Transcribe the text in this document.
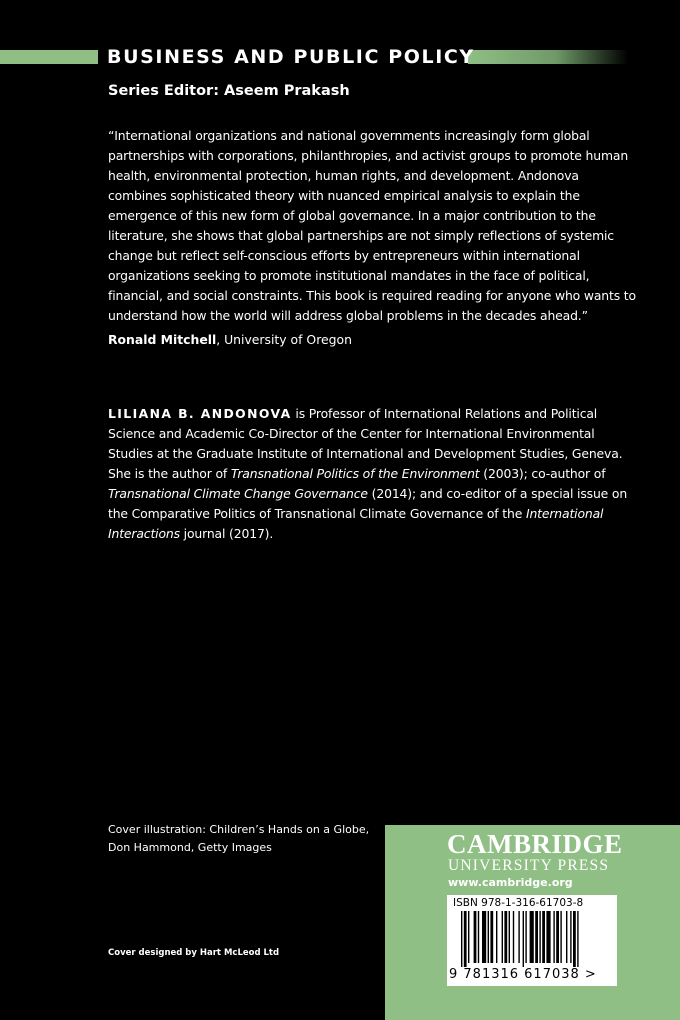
BUSINESS AND PUBLIC POLICY
Series Editor: Aseem Prakash

“International organizations and national governments increasingly form global partnerships with corporations, philanthropies, and activist groups to promote human health, environmental protection, human rights, and development. Andonova combines sophisticated theory with nuanced empirical analysis to explain the emergence of this new form of global governance. In a major contribution to the literature, she shows that global partnerships are not simply reflections of systemic change but reflect self-conscious efforts by entrepreneurs within international organizations seeking to promote institutional mandates in the face of political, financial, and social constraints. This book is required reading for anyone who wants to understand how the world will address global problems in the decades ahead.”

Ronald Mitchell, University of Oregon
LILIANA B. ANDONOVA is Professor of International Relations and Political Science and Academic Co-Director of the Center for International Environmental Studies at the Graduate Institute of International and Development Studies, Geneva. She is the author of Transnational Politics of the Environment (2003); co-author of Transnational Climate Change Governance (2014); and co-editor of a special issue on the Comparative Politics of Transnational Climate Governance of the International Interactions journal (2017).
Cover illustration: Children’s Hands on a Globe,
Don Hammond, Getty Images
Cover designed by Hart McLeod Ltd
CAMBRIDGE
UNIVERSITY PRESS
www.cambridge.org
ISBN 978-1-316-61703-8
9 781316 617038 >
